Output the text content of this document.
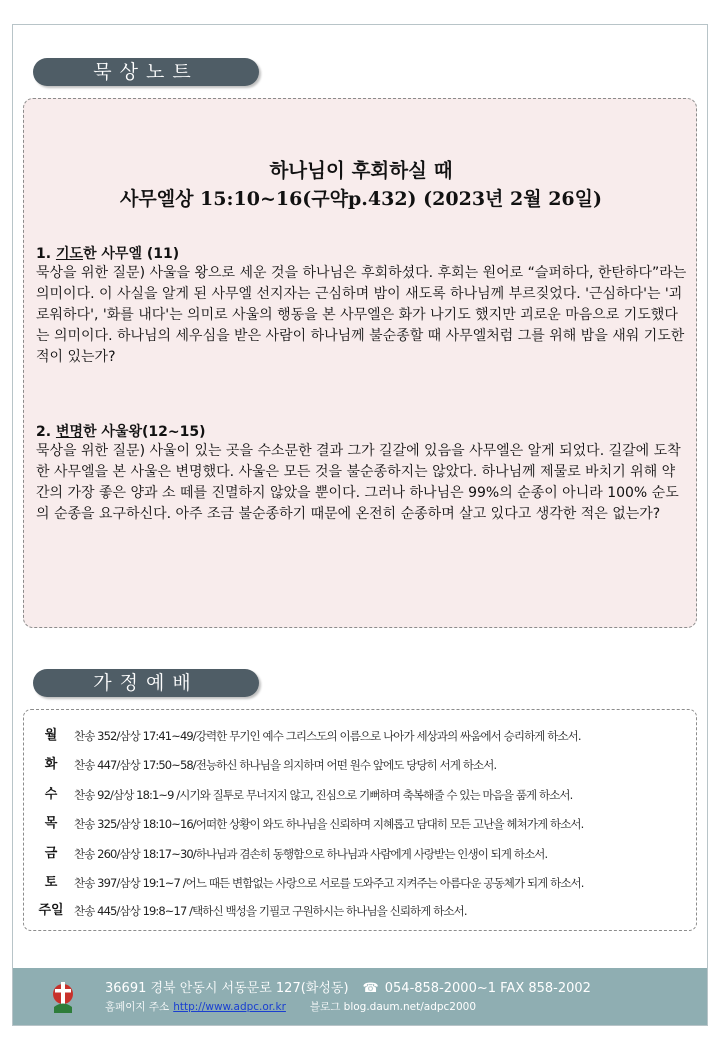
묵상노트
하나님이 후회하실 때
사무엘상 15:10~16(구약p.432) (2023년 2월 26일)
1. 기도한 사무엘 (11)
묵상을 위한 질문) 사울을 왕으로 세운 것을 하나님은 후회하셨다. 후회는 원어로 “슬퍼하다, 한탄하다”라는 의미이다. 이 사실을 알게 된 사무엘 선지자는 근심하며 밤이 새도록 하나님께 부르짖었다. '근심하다'는 '괴로워하다', '화를 내다'는 의미로 사울의 행동을 본 사무엘은 화가 나기도 했지만 괴로운 마음으로 기도했다는 의미이다. 하나님의 세우심을 받은 사람이 하나님께 불순종할 때 사무엘처럼 그를 위해 밤을 새워 기도한 적이 있는가?
2. 변명한 사울왕(12~15)
묵상을 위한 질문) 사울이 있는 곳을 수소문한 결과 그가 길갈에 있음을 사무엘은 알게 되었다. 길갈에 도착한 사무엘을 본 사울은 변명했다. 사울은 모든 것을 불순종하지는 않았다. 하나님께 제물로 바치기 위해 약간의 가장 좋은 양과 소 떼를 진멸하지 않았을 뿐이다. 그러나 하나님은 99%의 순종이 아니라 100% 순도의 순종을 요구하신다. 아주 조금 불순종하기 때문에 온전히 순종하며 살고 있다고 생각한 적은 없는가?
가정예배
월	찬송 352/삼상 17:41~49/강력한 무기인 예수 그리스도의 이름으로 나아가 세상과의 싸움에서 승리하게 하소서.
화	찬송 447/삼상 17:50~58/전능하신 하나님을 의지하며 어떤 원수 앞에도 당당히 서게 하소서.
수	찬송 92/삼상 18:1~9 /시기와 질투로 무너지지 않고, 진심으로 기뻐하며 축복해줄 수 있는 마음을 품게 하소서.
목	찬송 325/삼상 18:10~16/어떠한 상황이 와도 하나님을 신뢰하며 지혜롭고 담대히 모든 고난을 헤쳐가게 하소서.
금	찬송 260/삼상 18:17~30/하나님과 겸손히 동행함으로 하나님과 사람에게 사랑받는 인생이 되게 하소서.
토	찬송 397/삼상 19:1~7 /어느 때든 변함없는 사랑으로 서로를 도와주고 지켜주는 아름다운 공동체가 되게 하소서.
주일 찬송 445/삼상 19:8~17 /택하신 백성을 기필코 구원하시는 하나님을 신뢰하게 하소서.
36691 경북 안동시 서동문로 127(화성동) ☎ 054-858-2000~1 FAX 858-2002
홈페이지 주소 http://www.adpc.or.kr 블로그 blog.daum.net/adpc2000
